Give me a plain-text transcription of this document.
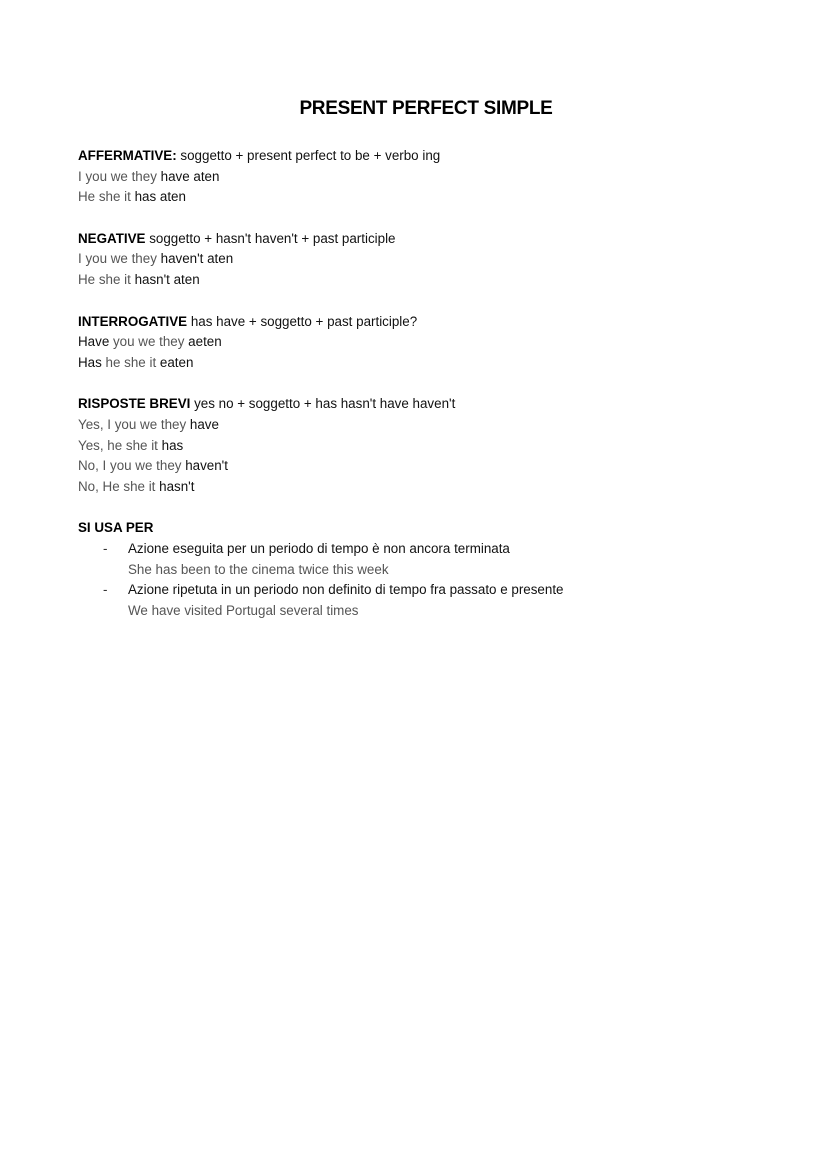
PRESENT PERFECT SIMPLE
AFFERMATIVE: soggetto + present perfect to be + verbo ing
I you we they have aten
He she it has aten
NEGATIVE soggetto + hasn't haven't + past participle
I you we they haven't aten
He she it hasn't aten
INTERROGATIVE has have + soggetto + past participle?
Have you we they aeten
Has he she it eaten
RISPOSTE BREVI yes no + soggetto + has hasn't have haven't
Yes, I you we they have
Yes, he she it has
No, I you we they haven't
No, He she it hasn't
SI USA PER
- Azione eseguita per un periodo di tempo è non ancora terminata
She has been to the cinema twice this week
- Azione ripetuta in un periodo non definito di tempo fra passato e presente
We have visited Portugal several times
